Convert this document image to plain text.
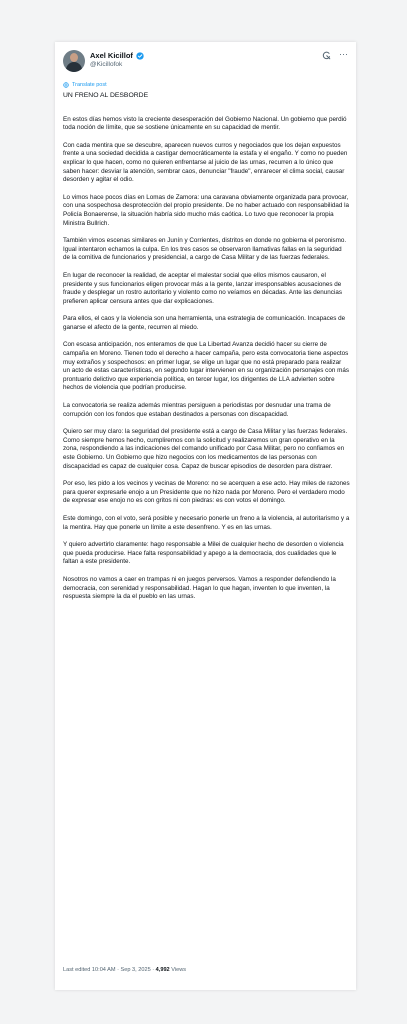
Axel Kicillof
@Kicillofok
···
Translate post

UN FRENO AL DESBORDE

En estos días hemos visto la creciente desesperación del Gobierno Nacional. Un gobierno que perdió toda noción de límite, que se sostiene únicamente en su capacidad de mentir.

Con cada mentira que se descubre, aparecen nuevos curros y negociados que los dejan expuestos frente a una sociedad decidida a castigar democráticamente la estafa y el engaño. Y como no pueden explicar lo que hacen, como no quieren enfrentarse al juicio de las urnas, recurren a lo único que saben hacer: desviar la atención, sembrar caos, denunciar "fraude", enrarecer el clima social, causar desorden y agitar el odio.

Lo vimos hace pocos días en Lomas de Zamora: una caravana obviamente organizada para provocar, con una sospechosa desprotección del propio presidente. De no haber actuado con responsabilidad la Policía Bonaerense, la situación habría sido mucho más caótica. Lo tuvo que reconocer la propia Ministra Bullrich.

También vimos escenas similares en Junín y Corrientes, distritos en donde no gobierna el peronismo. Igual intentaron echarnos la culpa. En los tres casos se observaron llamativas fallas en la seguridad de la comitiva de funcionarios y presidencial, a cargo de Casa Militar y de las fuerzas federales.

En lugar de reconocer la realidad, de aceptar el malestar social que ellos mismos causaron, el presidente y sus funcionarios eligen provocar más a la gente, lanzar irresponsables acusaciones de fraude y desplegar un rostro autoritario y violento como no veíamos en décadas. Ante las denuncias prefieren aplicar censura antes que dar explicaciones.

Para ellos, el caos y la violencia son una herramienta, una estrategia de comunicación. Incapaces de ganarse el afecto de la gente, recurren al miedo.

Con escasa anticipación, nos enteramos de que La Libertad Avanza decidió hacer su cierre de campaña en Moreno. Tienen todo el derecho a hacer campaña, pero esta convocatoria tiene aspectos muy extraños y sospechosos: en primer lugar, se elige un lugar que no está preparado para realizar un acto de estas características, en segundo lugar intervienen en su organización personajes con más prontuario delictivo que experiencia política, en tercer lugar, los dirigentes de LLA advierten sobre hechos de violencia que podrían producirse.

La convocatoria se realiza además mientras persiguen a periodistas por desnudar una trama de corrupción con los fondos que estaban destinados a personas con discapacidad.

Quiero ser muy claro: la seguridad del presidente está a cargo de Casa Militar y las fuerzas federales. Como siempre hemos hecho, cumpliremos con la solicitud y realizaremos un gran operativo en la zona, respondiendo a las indicaciones del comando unificado por Casa Militar, pero no confiamos en este Gobierno. Un Gobierno que hizo negocios con los medicamentos de las personas con discapacidad es capaz de cualquier cosa. Capaz de buscar episodios de desorden para distraer.

Por eso, les pido a los vecinos y vecinas de Moreno: no se acerquen a ese acto. Hay miles de razones para querer expresarle enojo a un Presidente que no hizo nada por Moreno. Pero el verdadero modo de expresar ese enojo no es con gritos ni con piedras: es con votos el domingo.

Este domingo, con el voto, será posible y necesario ponerle un freno a la violencia, al autoritarismo y a la mentira. Hay que ponerle un límite a este desenfreno. Y es en las urnas.

Y quiero advertirlo claramente: hago responsable a Milei de cualquier hecho de desorden o violencia que pueda producirse. Hace falta responsabilidad y apego a la democracia, dos cualidades que le faltan a este presidente.

Nosotros no vamos a caer en trampas ni en juegos perversos. Vamos a responder defendiendo la democracia, con serenidad y responsabilidad. Hagan lo que hagan, inventen lo que inventen, la respuesta siempre la da el pueblo en las urnas.

Last edited 10:04 AM · Sep 3, 2025 · 4,992 Views
